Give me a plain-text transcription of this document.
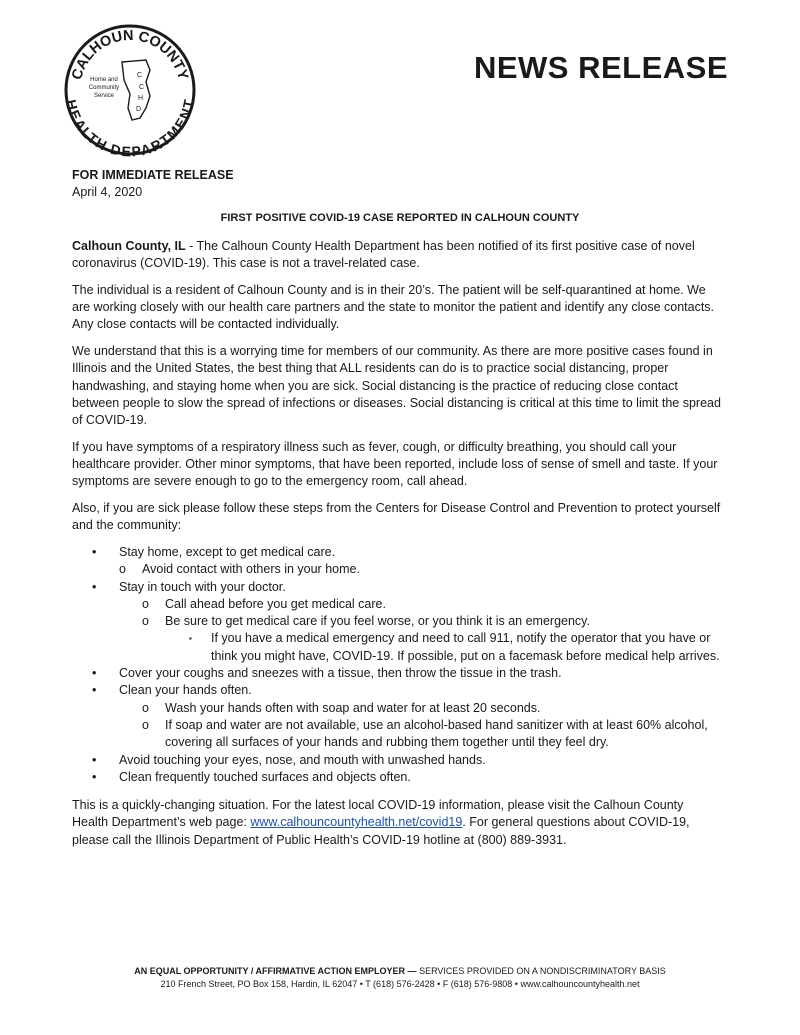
CALHOUN COUNTY
HEALTH DEPARTMENT
Home and
Community
Service
C
C
H
D
NEWS RELEASE
FOR IMMEDIATE RELEASE
April 4, 2020
FIRST POSITIVE COVID-19 CASE REPORTED IN CALHOUN COUNTY

Calhoun County, IL - The Calhoun County Health Department has been notified of its first positive case of novel coronavirus (COVID-19). This case is not a travel-related case.

The individual is a resident of Calhoun County and is in their 20’s. The patient will be self-quarantined at home. We are working closely with our health care partners and the state to monitor the patient and identify any close contacts. Any close contacts will be contacted individually.

We understand that this is a worrying time for members of our community. As there are more positive cases found in Illinois and the United States, the best thing that ALL residents can do is to practice social distancing, proper handwashing, and staying home when you are sick. Social distancing is the practice of reducing close contact between people to slow the spread of infections or diseases. Social distancing is critical at this time to limit the spread of COVID-19.

If you have symptoms of a respiratory illness such as fever, cough, or difficulty breathing, you should call your healthcare provider. Other minor symptoms, that have been reported, include loss of sense of smell and taste. If your symptoms are severe enough to go to the emergency room, call ahead.

Also, if you are sick please follow these steps from the Centers for Disease Control and Prevention to protect yourself and the community:

• Stay home, except to get medical care.
o Avoid contact with others in your home.
• Stay in touch with your doctor.
o Call ahead before you get medical care.
o Be sure to get medical care if you feel worse, or you think it is an emergency.
▪ If you have a medical emergency and need to call 911, notify the operator that you have or think you might have, COVID-19. If possible, put on a facemask before medical help arrives.
• Cover your coughs and sneezes with a tissue, then throw the tissue in the trash.
• Clean your hands often.
o Wash your hands often with soap and water for at least 20 seconds.
o If soap and water are not available, use an alcohol-based hand sanitizer with at least 60% alcohol, covering all surfaces of your hands and rubbing them together until they feel dry.
• Avoid touching your eyes, nose, and mouth with unwashed hands.
• Clean frequently touched surfaces and objects often.

This is a quickly-changing situation. For the latest local COVID-19 information, please visit the Calhoun County Health Department’s web page: www.calhouncountyhealth.net/covid19. For general questions about COVID-19, please call the Illinois Department of Public Health’s COVID-19 hotline at (800) 889-3931.

AN EQUAL OPPORTUNITY / AFFIRMATIVE ACTION EMPLOYER — SERVICES PROVIDED ON A NONDISCRIMINATORY BASIS
210 French Street, PO Box 158, Hardin, IL 62047 • T (618) 576-2428 • F (618) 576-9808 • www.calhouncountyhealth.net
